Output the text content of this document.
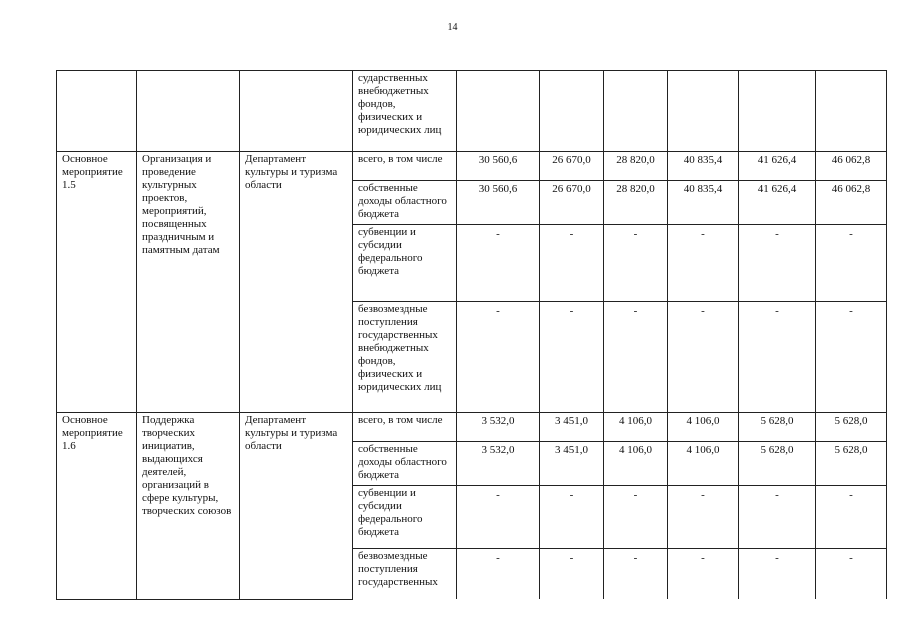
14
			сударственных внебюджетных фондов, физических и юридических лиц						
Основное мероприятие 1.5	Организация и проведение культурных проектов, мероприятий, посвященных праздничным и памятным датам	Департамент культуры и туризма области	всего, в том числе	30 560,6	26 670,0	28 820,0	40 835,4	41 626,4	46 062,8
			собственные доходы областного бюджета	30 560,6	26 670,0	28 820,0	40 835,4	41 626,4	46 062,8
			субвенции и субсидии федерального бюджета	-	-	-	-	-	-
			безвозмездные поступления государственных внебюджетных фондов, физических и юридических лиц	-	-	-	-	-	-
Основное мероприятие 1.6	Поддержка творческих инициатив, выдающихся деятелей, организаций в сфере культуры, творческих союзов	Департамент культуры и туризма области	всего, в том числе	3 532,0	3 451,0	4 106,0	4 106,0	5 628,0	5 628,0
			собственные доходы областного бюджета	3 532,0	3 451,0	4 106,0	4 106,0	5 628,0	5 628,0
			субвенции и субсидии федерального бюджета	-	-	-	-	-	-
			безвозмездные поступления государственных	-	-	-	-	-	-
